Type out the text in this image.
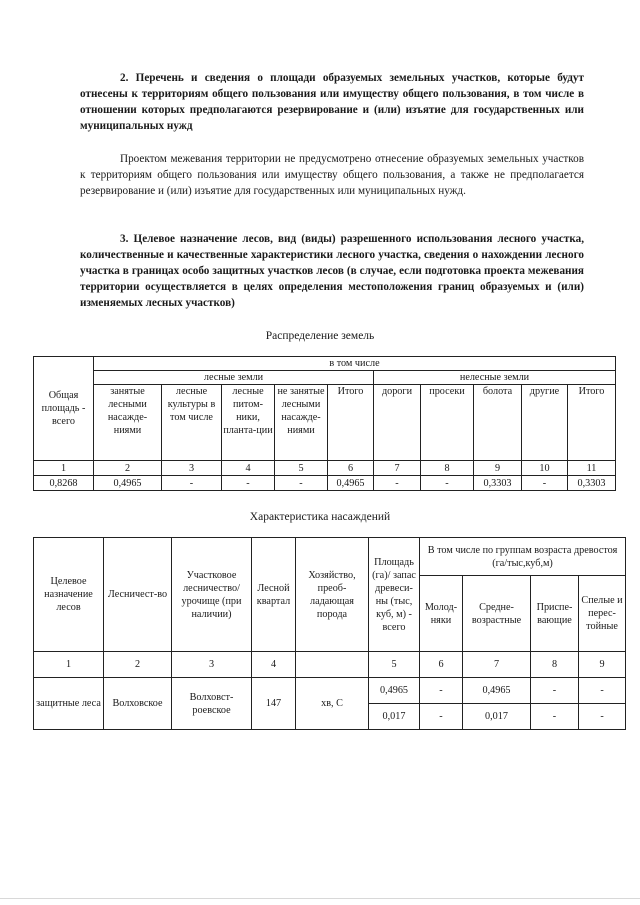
2. Перечень и сведения о площади образуемых земельных участков, которые будут отнесены к территориям общего пользования или имуществу общего пользования, в том числе в отношении которых предполагаются резервирование и (или) изъятие для государственных или муниципальных нужд
Проектом межевания территории не предусмотрено отнесение образуемых земельных участков к территориям общего пользования или имуществу общего пользования, а также не предполагается резервирование и (или) изъятие для государственных или муниципальных нужд.
3. Целевое назначение лесов, вид (виды) разрешенного использования лесного участка, количественные и качественные характеристики лесного участка, сведения о нахождении лесного участка в границах особо защитных участков лесов (в случае, если подготовка проекта межевания территории осуществляется в целях определения местоположения границ образуемых и (или) изменяемых лесных участков)
Распределение земель
Общая площадь - всего	в том числе									
	лесные земли					нелесные земли				
	занятые лесными насажде-ниями	лесные культуры в том числе	лесные питом-ники, планта-ции	не занятые лесными насажде-ниями	Итого	дороги	просеки	болота	другие	Итого
1	2	3	4	5	6	7	8	9	10	11
0,8268	0,4965	-	-	-	0,4965	-	-	0,3303	-	0,3303
Характеристика насаждений
Целевое назначение лесов	Лесничест-во	Участковое лесничество/ урочище (при наличии)	Лесной квартал	Хозяйство, преоб-ладающая порода	Площадь (га)/ запас древеси-ны (тыс, куб, м) - всего	В том числе по группам возраста древостоя (га/тыс,куб,м)			
						Молод-няки	Средне-возрастные	Приспе-вающие	Спелые и перес-тойные
1	2	3	4		5	6	7	8	9
защитные леса	Волховское	Волховст-роевское	147	хв, С	0,4965	-	0,4965	-	-
					0,017	-	0,017	-	-
